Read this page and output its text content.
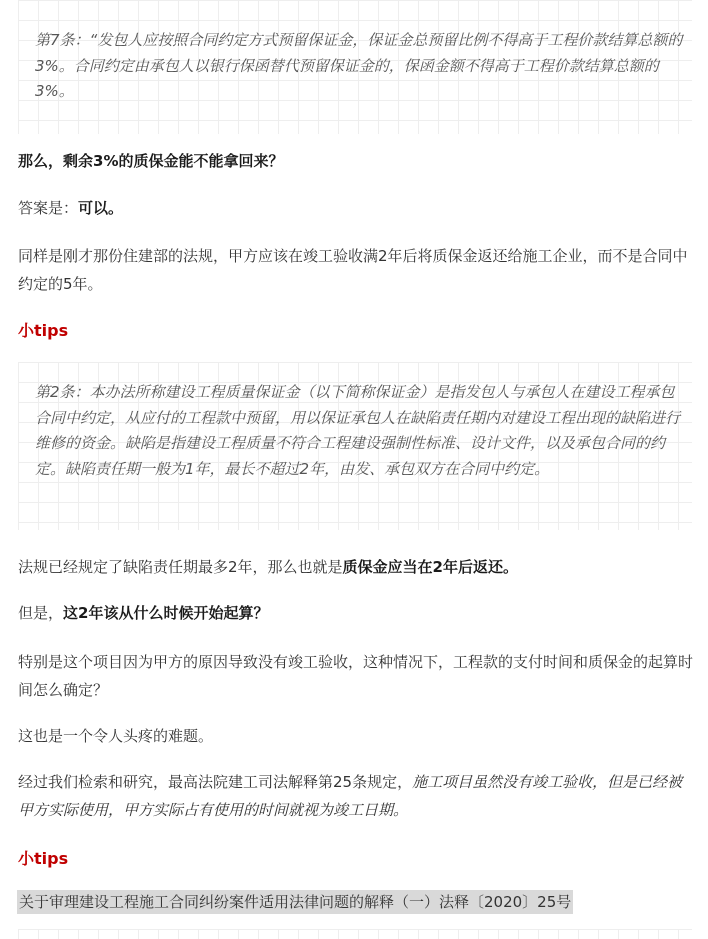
第7条：“发包人应按照合同约定方式预留保证金，保证金总预留比例不得高于工程价款结算总额的3%。合同约定由承包人以银行保函替代预留保证金的，保函金额不得高于工程价款结算总额的3%。

那么，剩余3%的质保金能不能拿回来？

答案是：可以。

同样是刚才那份住建部的法规，甲方应该在竣工验收满2年后将质保金返还给施工企业，而不是合同中约定的5年。

小tips

第2条：本办法所称建设工程质量保证金（以下简称保证金）是指发包人与承包人在建设工程承包合同中约定，从应付的工程款中预留，用以保证承包人在缺陷责任期内对建设工程出现的缺陷进行维修的资金。缺陷是指建设工程质量不符合工程建设强制性标准、设计文件，以及承包合同的约定。缺陷责任期一般为1年，最长不超过2年，由发、承包双方在合同中约定。

法规已经规定了缺陷责任期最多2年，那么也就是质保金应当在2年后返还。

但是，这2年该从什么时候开始起算？

特别是这个项目因为甲方的原因导致没有竣工验收，这种情况下，工程款的支付时间和质保金的起算时间怎么确定？

这也是一个令人头疼的难题。

经过我们检索和研究，最高法院建工司法解释第25条规定，施工项目虽然没有竣工验收，但是已经被甲方实际使用，甲方实际占有使用的时间就视为竣工日期。

小tips

关于审理建设工程施工合同纠纷案件适用法律问题的解释（一）法释〔2020〕25号
